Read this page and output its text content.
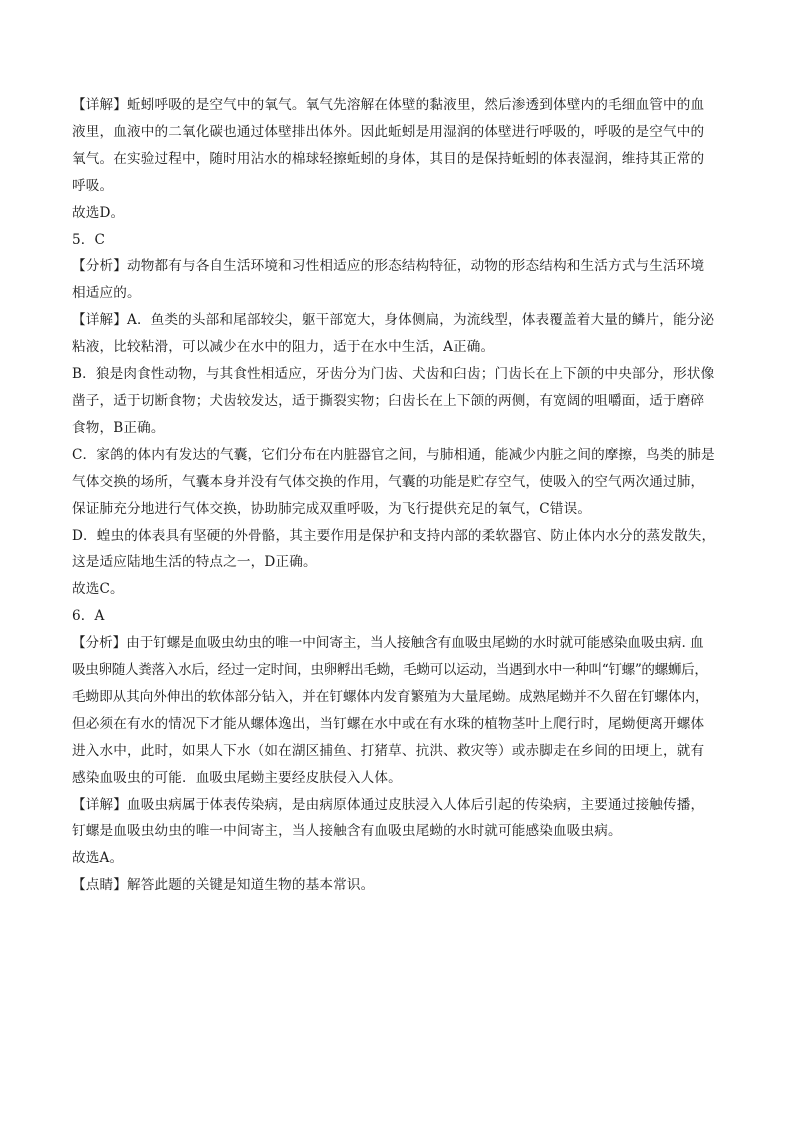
【详解】蚯蚓呼吸的是空气中的氧气。氧气先溶解在体壁的黏液里，然后渗透到体壁内的毛细血管中的血
液里，血液中的二氧化碳也通过体壁排出体外。因此蚯蚓是用湿润的体壁进行呼吸的，呼吸的是空气中的
氧气。在实验过程中，随时用沾水的棉球轻擦蚯蚓的身体，其目的是保持蚯蚓的体表湿润，维持其正常的
呼吸。
故选D。
5．C
【分析】动物都有与各自生活环境和习性相适应的形态结构特征，动物的形态结构和生活方式与生活环境
相适应的。
【详解】A．鱼类的头部和尾部较尖，躯干部宽大，身体侧扁，为流线型，体表覆盖着大量的鳞片，能分泌
粘液，比较粘滑，可以减少在水中的阻力，适于在水中生活，A正确。
B．狼是肉食性动物，与其食性相适应，牙齿分为门齿、犬齿和臼齿；门齿长在上下颌的中央部分，形状像
凿子，适于切断食物；犬齿较发达，适于撕裂实物；臼齿长在上下颌的两侧，有宽阔的咀嚼面，适于磨碎
食物，B正确。
C．家鸽的体内有发达的气囊，它们分布在内脏器官之间，与肺相通，能减少内脏之间的摩擦，鸟类的肺是
气体交换的场所，气囊本身并没有气体交换的作用，气囊的功能是贮存空气，使吸入的空气两次通过肺，
保证肺充分地进行气体交换，协助肺完成双重呼吸，为飞行提供充足的氧气，C错误。
D．蝗虫的体表具有坚硬的外骨骼，其主要作用是保护和支持内部的柔软器官、防止体内水分的蒸发散失，
这是适应陆地生活的特点之一，D正确。
故选C。
6．A
【分析】由于钉螺是血吸虫幼虫的唯一中间寄主，当人接触含有血吸虫尾蚴的水时就可能感染血吸虫病. 血
吸虫卵随人粪落入水后，经过一定时间，虫卵孵出毛蚴，毛蚴可以运动，当遇到水中一种叫“钉螺”的螺蛳后，
毛蚴即从其向外伸出的软体部分钻入，并在钉螺体内发育繁殖为大量尾蚴。成熟尾蚴并不久留在钉螺体内，
但必须在有水的情况下才能从螺体逸出，当钉螺在水中或在有水珠的植物茎叶上爬行时，尾蚴便离开螺体
进入水中，此时，如果人下水（如在湖区捕鱼、打猪草、抗洪、救灾等）或赤脚走在乡间的田埂上，就有
感染血吸虫的可能．血吸虫尾蚴主要经皮肤侵入人体。
【详解】血吸虫病属于体表传染病，是由病原体通过皮肤浸入人体后引起的传染病，主要通过接触传播，
钉螺是血吸虫幼虫的唯一中间寄主，当人接触含有血吸虫尾蚴的水时就可能感染血吸虫病。
故选A。
【点睛】解答此题的关键是知道生物的基本常识。
